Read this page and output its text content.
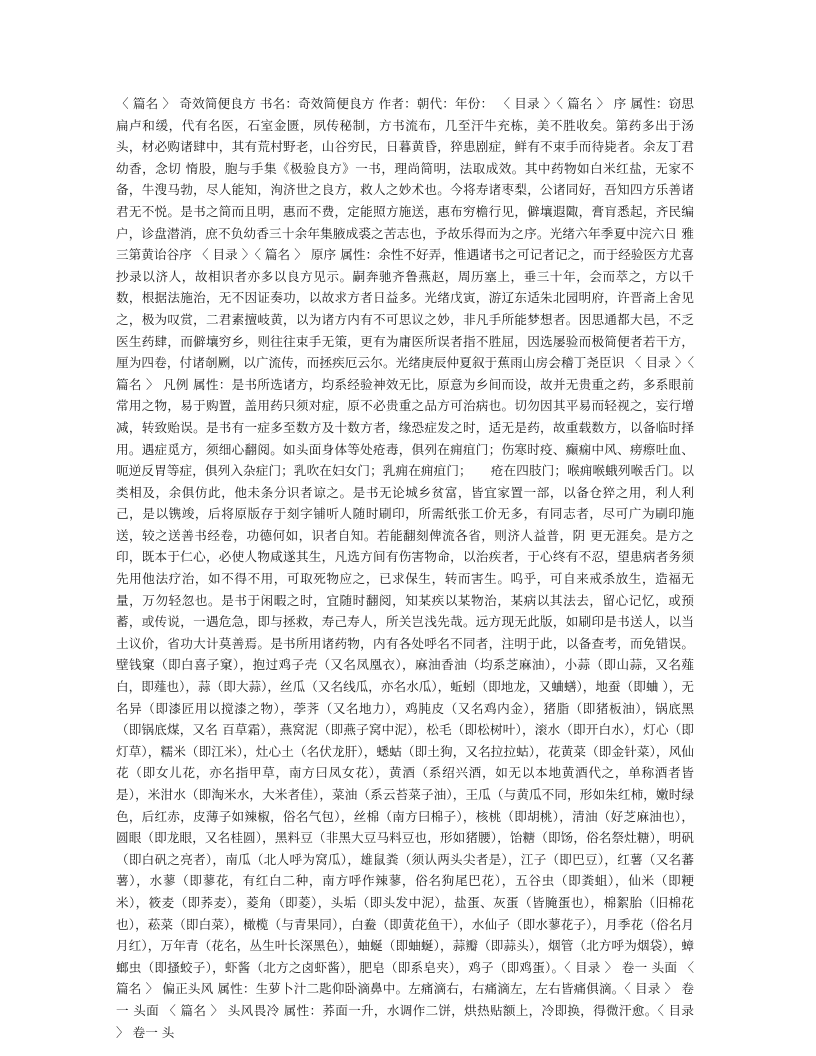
〈 篇名 〉 奇效简便良方 书名：奇效简便良方 作者：朝代：年份： 〈 目录 〉〈 篇名 〉 序 属性：窃思扁卢和缓，代有名医，石室金匮，夙传秘制，方书流布，几至汗牛充栋，美不胜收矣。第药多出于汤头，材必购诸肆中，其有荒村野老，山谷穷民，日暮黄昏，猝患剧症，鲜有不束手而待毙者。余友丁君幼香，念切 惰股，胞与手集《极验良方》一书，理尚简明，法取成效。其中药物如白米红盐，无家不备，牛溲马勃，尽人能知，洵济世之良方，救人之妙术也。今将寿诸枣梨，公诸同好，吾知四方乐善诸君无不悦。是书之简而且明，惠而不费，定能照方施送，惠布穷檐行见，僻壤遐陬，膏肓悉起，齐民编户，诊盘潜消，庶不负幼香三十余年集腋成裘之苦志也，予故乐得而为之序。光绪六年季夏中浣六日 雅三第黄诒谷序 〈 目录 〉〈 篇名 〉 原序 属性：余性不好弄，惟遇诸书之可记者记之，而于经验医方尤喜抄录以济人，故相识者亦多以良方见示。嗣奔驰齐鲁燕赵，周历塞上，垂三十年，会而萃之，方以千数，根据法施治，无不因证奏功，以故求方者日益多。光绪戊寅，游辽东适朱北园明府，许晋斋上舍见之，极为叹赏，二君素擅岐黄，以为诸方内有不可思议之妙，非凡手所能梦想者。因思通都大邑，不乏医生药肆，而僻壤穷乡，则往往束手无策，更有为庸医所误者指不胜屈，因选屡验而极简便者若干方，厘为四卷，付诸剞劂，以广流传，而拯疾厄云尔。光绪庚辰仲夏叙于蕉雨山房会稽丁尧臣识 〈 目录 〉〈 篇名 〉 凡例 属性：是书所选诸方，均系经验神效无比，原意为乡间而设，故并无贵重之药，多系眼前常用之物，易于购置，盖用药只须对症，原不必贵重之品方可治病也。切勿因其平易而轻视之，妄行增减，转致贻误。是书有一症多至数方及十数方者，缘恐症发之时，适无是药，故重载数方，以备临时择用。遇症觅方，须细心翻阅。如头面身体等处疮毒，俱列在痈疽门；伤寒时疫、癫痫中风、痨瘵吐血、呃逆反胃等症，俱列入杂症门；乳吹在妇女门；乳痈在痈疽门；　　疮在四肢门；喉痈喉蛾列喉舌门。以类相及，余俱仿此，他未条分识者谅之。是书无论城乡贫富，皆宜家置一部，以备仓猝之用，利人利己，是以镌竣，后将原版存于刻字铺听人随时刷印，所需纸张工价无多，有同志者，尽可广为刷印施送，较之送善书经卷，功德何如，识者自知。若能翻刻俾流各省，则济人益普，阴 更无涯矣。是方之印，既本于仁心，必使人物咸遂其生，凡选方间有伤害物命，以治疾者，于心终有不忍，望患病者务须先用他法疗治，如不得不用，可取死物应之，已求保生，转而害生。呜乎，可自来戒杀放生，造福无量，万勿轻忽也。是书于闲暇之时，宜随时翻阅，知某疾以某物治，某病以其法去，留心记忆，或预蓄，或传说，一遇危急，即与拯救，寿己寿人，所关岂浅先哉。远方现无此版，如刷印是书送人，以当土议价，省功大计莫善焉。是书所用诸药物，内有各处呼名不同者，注明于此，以备查考，而免错误。壁钱窠（即白喜子窠），抱过鸡子壳（又名凤凰衣），麻油香油（均系芝麻油），小蒜（即山蒜，又名薤白，即薤也），蒜（即大蒜），丝瓜（又名线瓜，亦名水瓜），蚯蚓（即地龙，又蛐蟮），地蚕（即蛐 ），无名异（即漆匠用以搅漆之物），荸荠（又名地力），鸡肫皮（又名鸡内金），猪脂（即猪板油），锅底黑（即锅底煤，又名 百草霜），燕窝泥（即燕子窝中泥），松毛（即松树叶），滚水（即开白水），灯心（即灯草），糯米（即江米），灶心土（名伏龙肝），蟋蛄（即土狗，又名拉拉蛄），花黄菜（即金针菜），风仙花（即女儿花，亦名指甲草，南方曰凤女花），黄酒（系绍兴酒，如无以本地黄酒代之，单称酒者皆是），米泔水（即淘米水，大米者佳），菜油（系云苔菜子油），王瓜（与黄瓜不同，形如朱红柿，嫩时绿色，后红赤，皮薄子如辣椒，俗名气包），丝棉（南方曰棉子），核桃（即胡桃），清油（好芝麻油也），圆眼（即龙眼，又名桂圆），黑料豆（非黑大豆马料豆也，形如猪腰），饴糖（即饧，俗名祭灶糖），明矾（即白矾之亮者），南瓜（北人呼为窝瓜），雄鼠粪（须认两头尖者是），江子（即巴豆），红薯（又名蕃薯），水蓼（即蓼花，有红白二种，南方呼作辣蓼，俗名狗尾巴花），五谷虫（即粪蛆），仙米（即粳米），筱麦（即荞麦），菱角（即菱），头垢（即头发中泥），盐蛋、灰蛋（皆腌蛋也），棉絮胎（旧棉花也），菘菜（即白菜），橄榄（与青果同），白鲞（即黄花鱼干），水仙子（即水蓼花子），月季花（俗名月月红），万年青（花名，丛生叶长深黑色），蚰蜒（即蚰蜒），蒜瓣（即蒜头），烟管（北方呼为烟袋），蟑螂虫（即搔蛟子），虾酱（北方之卤虾酱），肥皂（即系皂夹），鸡子（即鸡蛋）。〈 目录 〉 卷一 头面 〈 篇名 〉 偏正头风 属性：生萝卜汁二匙仰卧滴鼻中。左痛滴右，右痛滴左，左右皆痛俱滴。〈 目录 〉 卷一 头面 〈 篇名 〉 头风畏冷 属性：荞面一升，水调作二饼，烘热贴额上，冷即换，得微汗愈。〈 目录 〉 卷一 头
